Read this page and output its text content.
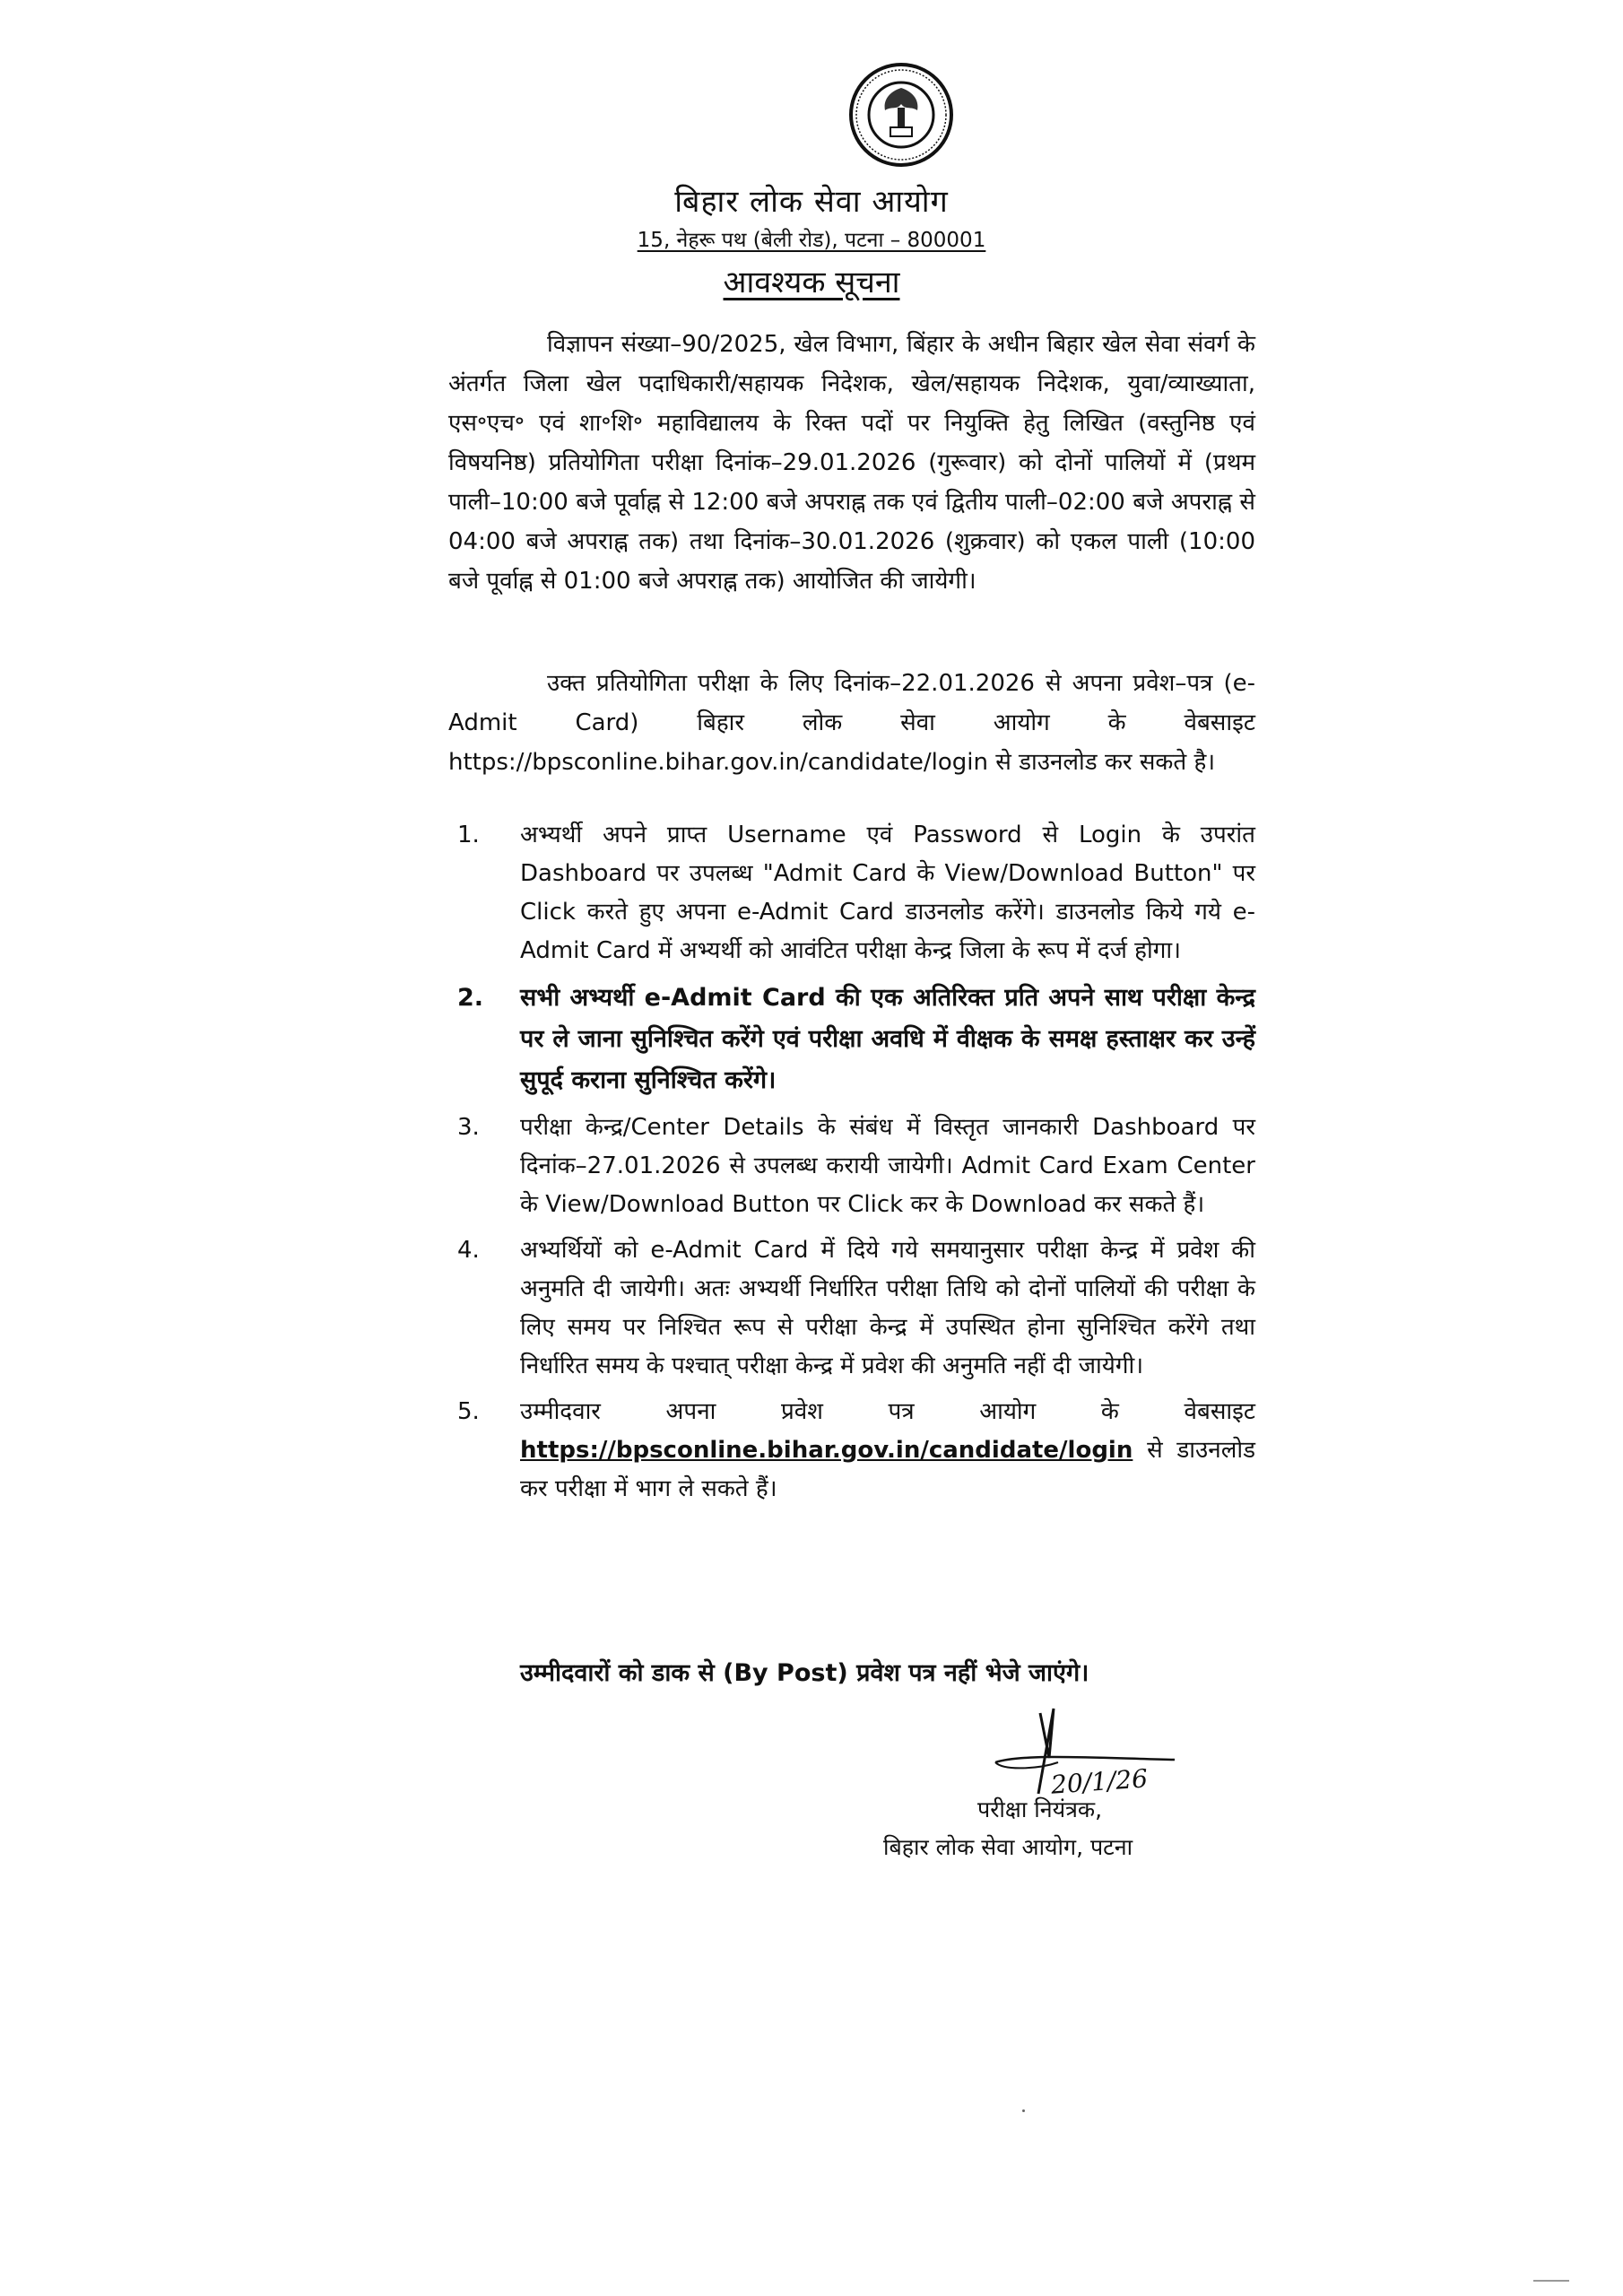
बिहार लोक सेवा आयोग
15, नेहरू पथ (बेली रोड), पटना – 800001
आवश्यक सूचना
विज्ञापन संख्या–90/2025, खेल विभाग, बिंहार के अधीन बिहार खेल सेवा संवर्ग के अंतर्गत जिला खेल पदाधिकारी/सहायक निदेशक, खेल/सहायक निदेशक, युवा/व्याख्याता, एस॰एच॰ एवं शा॰शि॰ महाविद्यालय के रिक्त पदों पर नियुक्ति हेतु लिखित (वस्तुनिष्ठ एवं विषयनिष्ठ) प्रतियोगिता परीक्षा दिनांक–29.01.2026 (गुरूवार) को दोनों पालियों में (प्रथम पाली–10:00 बजे पूर्वाह्न से 12:00 बजे अपराह्न तक एवं द्वितीय पाली–02:00 बजे अपराह्न से 04:00 बजे अपराह्न तक) तथा दिनांक–30.01.2026 (शुक्रवार) को एकल पाली (10:00 बजे पूर्वाह्न से 01:00 बजे अपराह्न तक) आयोजित की जायेगी।
उक्त प्रतियोगिता परीक्षा के लिए दिनांक–22.01.2026 से अपना प्रवेश–पत्र (e-Admit Card) बिहार लोक सेवा आयोग के वेबसाइट https://bpsconline.bihar.gov.in/candidate/login से डाउनलोड कर सकते है।
1. अभ्यर्थी अपने प्राप्त Username एवं Password से Login के उपरांत Dashboard पर उपलब्ध "Admit Card के View/Download Button" पर Click करते हुए अपना e-Admit Card डाउनलोड करेंगे। डाउनलोड किये गये e-Admit Card में अभ्यर्थी को आवंटित परीक्षा केन्द्र जिला के रूप में दर्ज होगा।
2. सभी अभ्यर्थी e-Admit Card की एक अतिरिक्त प्रति अपने साथ परीक्षा केन्द्र पर ले जाना सुनिश्चित करेंगे एवं परीक्षा अवधि में वीक्षक के समक्ष हस्ताक्षर कर उन्हें सुपूर्द कराना सुनिश्चित करेंगे।
3. परीक्षा केन्द्र/Center Details के संबंध में विस्तृत जानकारी Dashboard पर दिनांक–27.01.2026 से उपलब्ध करायी जायेगी। Admit Card Exam Center के View/Download Button पर Click कर के Download कर सकते हैं।
4. अभ्यर्थियों को e-Admit Card में दिये गये समयानुसार परीक्षा केन्द्र में प्रवेश की अनुमति दी जायेगी। अतः अभ्यर्थी निर्धारित परीक्षा तिथि को दोनों पालियों की परीक्षा के लिए समय पर निश्चित रूप से परीक्षा केन्द्र में उपस्थित होना सुनिश्चित करेंगे तथा निर्धारित समय के पश्चात् परीक्षा केन्द्र में प्रवेश की अनुमति नहीं दी जायेगी।
5. उम्मीदवार अपना प्रवेश पत्र आयोग के वेबसाइट https://bpsconline.bihar.gov.in/candidate/login से डाउनलोड कर परीक्षा में भाग ले सकते हैं।
उम्मीदवारों को डाक से (By Post) प्रवेश पत्र नहीं भेजे जाएंगे।
20/1/26
परीक्षा नियंत्रक,
बिहार लोक सेवा आयोग, पटना
